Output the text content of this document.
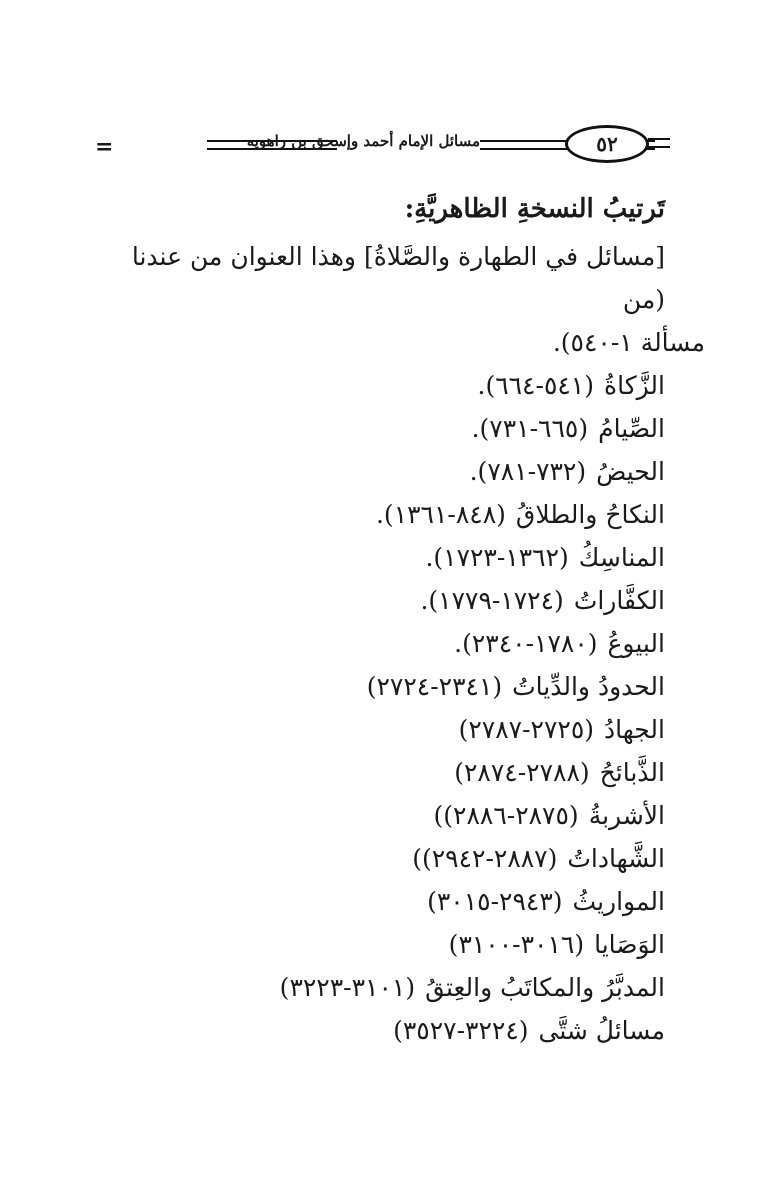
=	مسائل الإمام أحمد وإسحق بن راهويه	٥٢

تَرتيبُ النسخةِ الظاهريَّةِ:

[مسائل في الطهارة والصَّلاةُ] وهذا العنوان من عندنا (من
مسألة ١-٥٤٠).

الزَّكاةُ(٥٤١-٦٦٤).

الصِّيامُ(٦٦٥-٧٣١).

الحيضُ(٧٣٢-٧٨١).

النكاحُ والطلاقُ(٨٤٨-١٣٦١).

المناسِكُ(١٣٦٢-١٧٢٣).

الكفَّاراتُ(١٧٢٤-١٧٧٩).

البيوعُ(١٧٨٠-٢٣٤٠).

الحدودُ والدِّياتُ(٢٣٤١-٢٧٢٤)

الجهادُ(٢٧٢٥-٢٧٨٧)

الذَّبائحُ(٢٧٨٨-٢٨٧٤)

الأشربةُ(٢٨٧٥-٢٨٨٦))

الشَّهاداتُ(٢٨٨٧-٢٩٤٢))

المواريثُ(٢٩٤٣-٣٠١٥)

الوَصَايا(٣٠١٦-٣١٠٠)

المدبَّرُ والمكاتَبُ والعِتقُ(٣١٠١-٣٢٢٣)

مسائلُ شتَّى(٣٢٢٤-٣٥٢٧)
